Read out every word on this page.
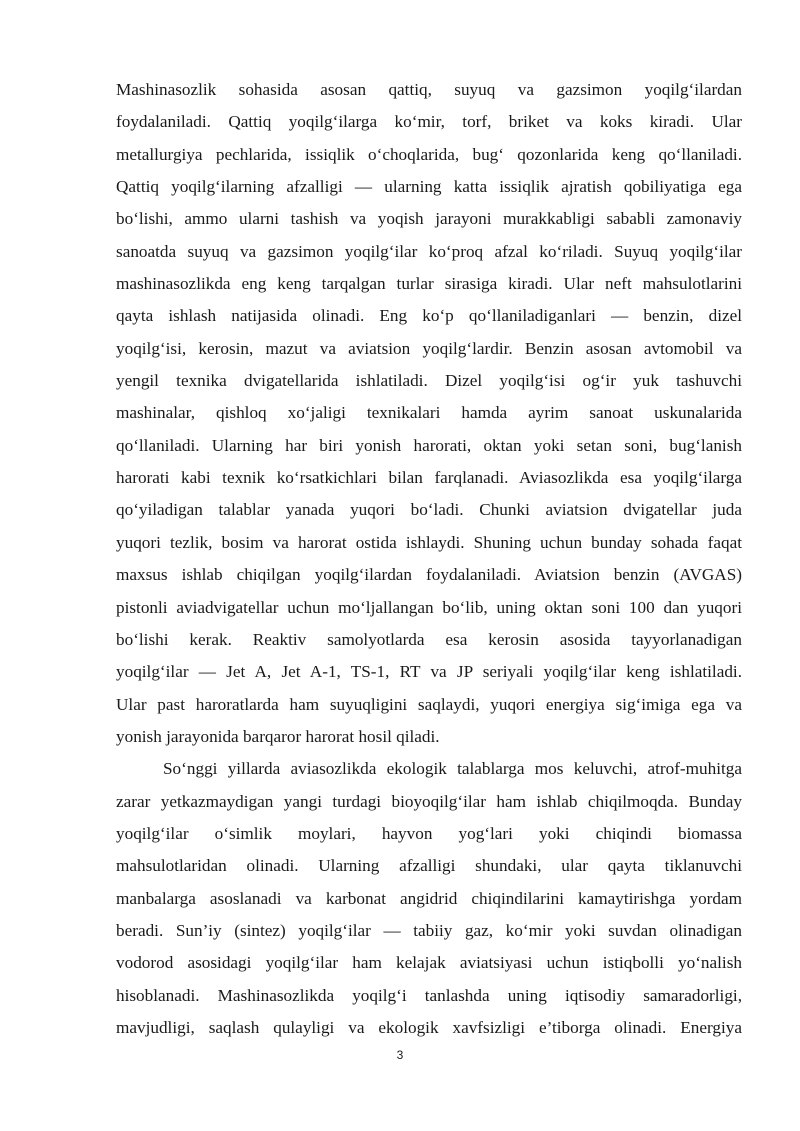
Mashinasozlik sohasida asosan qattiq, suyuq va gazsimon yoqilg‘ilardan
foydalaniladi. Qattiq yoqilg‘ilarga ko‘mir, torf, briket va koks kiradi. Ular
metallurgiya pechlarida, issiqlik o‘choqlarida, bug‘ qozonlarida keng qo‘llaniladi.
Qattiq yoqilg‘ilarning afzalligi — ularning katta issiqlik ajratish qobiliyatiga ega
bo‘lishi, ammo ularni tashish va yoqish jarayoni murakkabligi sababli zamonaviy
sanoatda suyuq va gazsimon yoqilg‘ilar ko‘proq afzal ko‘riladi. Suyuq yoqilg‘ilar
mashinasozlikda eng keng tarqalgan turlar sirasiga kiradi. Ular neft mahsulotlarini
qayta ishlash natijasida olinadi. Eng ko‘p qo‘llaniladiganlari — benzin, dizel
yoqilg‘isi, kerosin, mazut va aviatsion yoqilg‘lardir. Benzin asosan avtomobil va
yengil texnika dvigatellarida ishlatiladi. Dizel yoqilg‘isi og‘ir yuk tashuvchi
mashinalar, qishloq xo‘jaligi texnikalari hamda ayrim sanoat uskunalarida
qo‘llaniladi. Ularning har biri yonish harorati, oktan yoki setan soni, bug‘lanish
harorati kabi texnik ko‘rsatkichlari bilan farqlanadi. Aviasozlikda esa yoqilg‘ilarga
qo‘yiladigan talablar yanada yuqori bo‘ladi. Chunki aviatsion dvigatellar juda
yuqori tezlik, bosim va harorat ostida ishlaydi. Shuning uchun bunday sohada faqat
maxsus ishlab chiqilgan yoqilg‘ilardan foydalaniladi. Aviatsion benzin (AVGAS)
pistonli aviadvigatellar uchun mo‘ljallangan bo‘lib, uning oktan soni 100 dan yuqori
bo‘lishi kerak. Reaktiv samolyotlarda esa kerosin asosida tayyorlanadigan
yoqilg‘ilar — Jet A, Jet A-1, TS-1, RT va JP seriyali yoqilg‘ilar keng ishlatiladi.
Ular past haroratlarda ham suyuqligini saqlaydi, yuqori energiya sig‘imiga ega va
yonish jarayonida barqaror harorat hosil qiladi.
So‘nggi yillarda aviasozlikda ekologik talablarga mos keluvchi, atrof-muhitga
zarar yetkazmaydigan yangi turdagi bioyoqilg‘ilar ham ishlab chiqilmoqda. Bunday
yoqilg‘ilar o‘simlik moylari, hayvon yog‘lari yoki chiqindi biomassa
mahsulotlaridan olinadi. Ularning afzalligi shundaki, ular qayta tiklanuvchi
manbalarga asoslanadi va karbonat angidrid chiqindilarini kamaytirishga yordam
beradi. Sun’iy (sintez) yoqilg‘ilar — tabiiy gaz, ko‘mir yoki suvdan olinadigan
vodorod asosidagi yoqilg‘ilar ham kelajak aviatsiyasi uchun istiqbolli yo‘nalish
hisoblanadi. Mashinasozlikda yoqilg‘i tanlashda uning iqtisodiy samaradorligi,
mavjudligi, saqlash qulayligi va ekologik xavfsizligi e’tiborga olinadi. Energiya
3
